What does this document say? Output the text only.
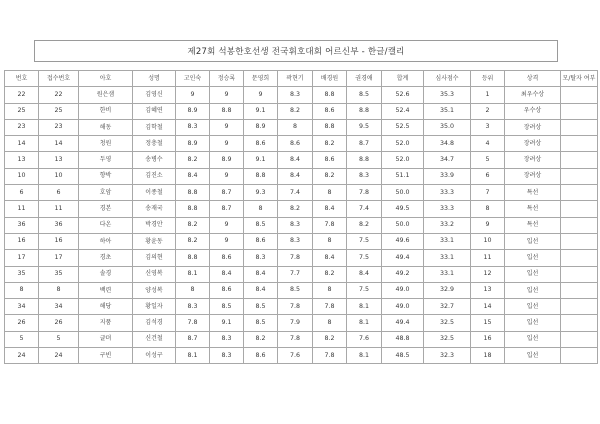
제27회 석봉한호선생 전국휘호대회 어르신부 - 한글/캘리
번호	접수번호	아호	성명	고인숙	정승록	문영희	곽현기	배경원	권경애	합계	심사점수	등위	상격	모/탈자 여부
22	22	원은샘	김영신	9	9	9	8.3	8.8	8.5	52.6	35.3	1	최우수상	
25	25	한비	김혜연	8.9	8.8	9.1	8.2	8.6	8.8	52.4	35.1	2	우수상	
23	23	해동	김학철	8.3	9	8.9	8	8.8	9.5	52.5	35.0	3	장려상	
14	14	청원	정충철	8.9	9	8.6	8.6	8.2	8.7	52.0	34.8	4	장려상	
13	13	두영	송병수	8.2	8.9	9.1	8.4	8.6	8.8	52.0	34.7	5	장려상	
10	10	향박	김진소	8.4	9	8.8	8.4	8.2	8.3	51.1	33.9	6	장려상	
6	6	호암	이종철	8.8	8.7	9.3	7.4	8	7.8	50.0	33.3	7	특선	
11	11	경본	송재국	8.8	8.7	8	8.2	8.4	7.4	49.5	33.3	8	특선	
36	36	다온	박경안	8.2	9	8.5	8.3	7.8	8.2	50.0	33.2	9	특선	
16	16	하아	황윤동	8.2	9	8.6	8.3	8	7.5	49.6	33.1	10	입선	
17	17	경초	김의현	8.8	8.6	8.3	7.8	8.4	7.5	49.4	33.1	11	입선	
35	35	솔경	신영복	8.1	8.4	8.4	7.7	8.2	8.4	49.2	33.1	12	입선	
8	8	백련	양성복	8	8.6	8.4	8.5	8	7.5	49.0	32.9	13	입선	
34	34	해당	황일자	8.3	8.5	8.5	7.8	7.8	8.1	49.0	32.7	14	입선	
26	26	지품	김석경	7.8	9.1	8.5	7.9	8	8.1	49.4	32.5	15	입선	
5	5	글뎌	신건철	8.7	8.3	8.2	7.8	8.2	7.6	48.8	32.5	16	입선	
24	24	구빈	이성구	8.1	8.3	8.6	7.6	7.8	8.1	48.5	32.3	18	입선	
